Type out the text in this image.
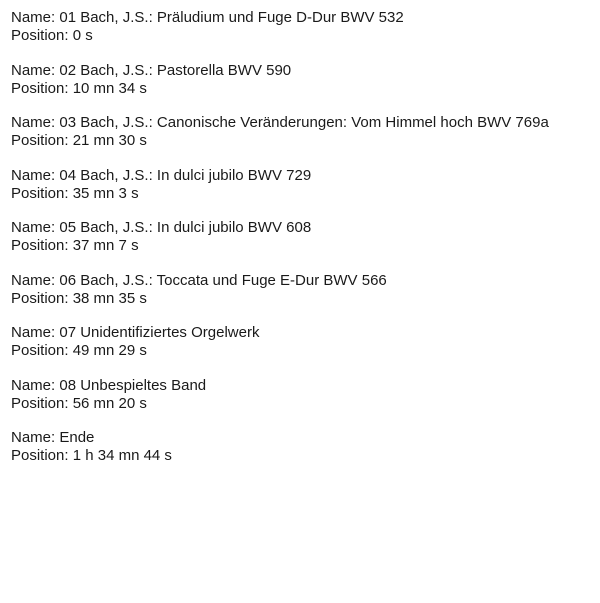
Name: 01 Bach, J.S.: Präludium und Fuge D-Dur BWV 532
Position: 0 s
Name: 02 Bach, J.S.: Pastorella BWV 590
Position: 10 mn 34 s
Name: 03 Bach, J.S.: Canonische Veränderungen: Vom Himmel hoch BWV 769a
Position: 21 mn 30 s
Name: 04 Bach, J.S.: In dulci jubilo BWV 729
Position: 35 mn 3 s
Name: 05 Bach, J.S.: In dulci jubilo BWV 608
Position: 37 mn 7 s
Name: 06 Bach, J.S.: Toccata und Fuge E-Dur BWV 566
Position: 38 mn 35 s
Name: 07 Unidentifiziertes Orgelwerk
Position: 49 mn 29 s
Name: 08 Unbespieltes Band
Position: 56 mn 20 s
Name: Ende
Position: 1 h 34 mn 44 s
